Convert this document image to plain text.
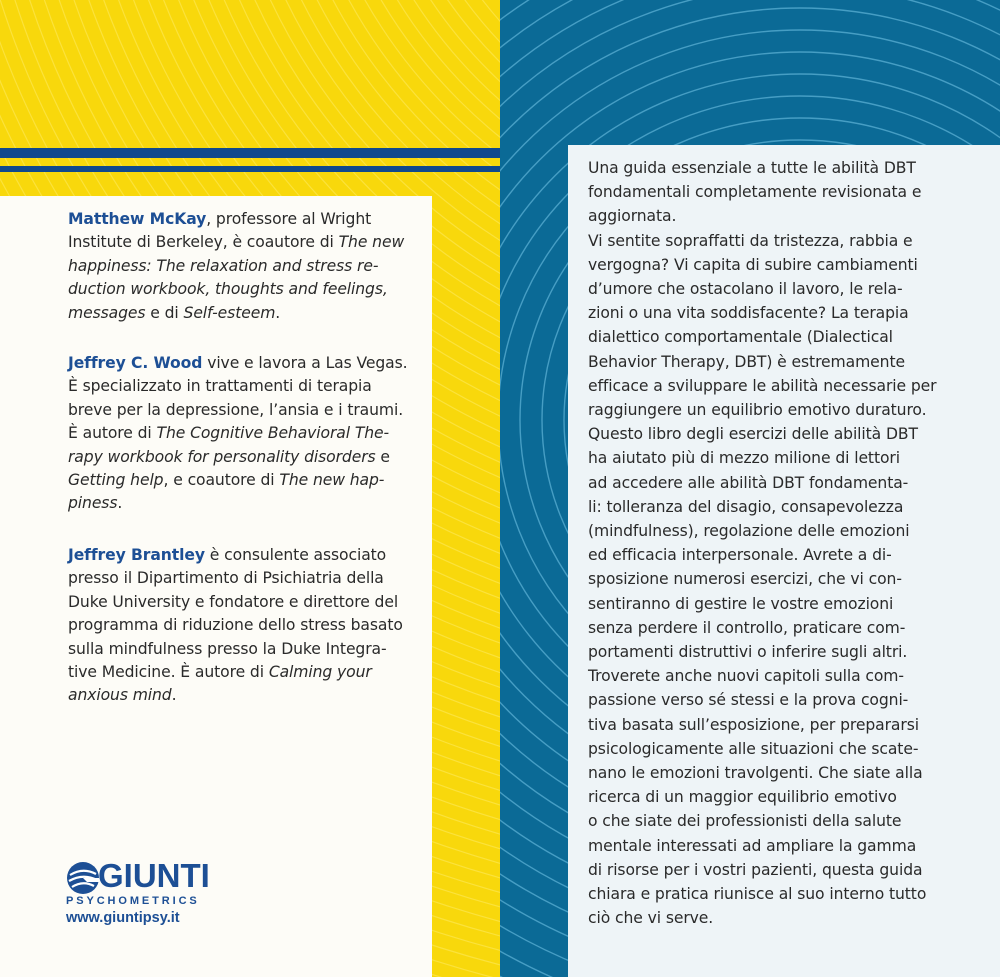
Matthew McKay, professore al Wright
Institute di Berkeley, è coautore di The new
happiness: The relaxation and stress re-
duction workbook, thoughts and feelings,
messages e di Self-esteem.
Jeffrey C. Wood vive e lavora a Las Vegas.
È specializzato in trattamenti di terapia
breve per la depressione, l’ansia e i traumi.
È autore di The Cognitive Behavioral The-
rapy workbook for personality disorders e
Getting help, e coautore di The new hap-
piness.
Jeffrey Brantley è consulente associato
presso il Dipartimento di Psichiatria della
Duke University e fondatore e direttore del
programma di riduzione dello stress basato
sulla mindfulness presso la Duke Integra-
tive Medicine. È autore di Calming your
anxious mind.
Una guida essenziale a tutte le abilità DBT
fondamentali completamente revisionata e
aggiornata.
Vi sentite sopraffatti da tristezza, rabbia e
vergogna? Vi capita di subire cambiamenti
d’umore che ostacolano il lavoro, le rela-
zioni o una vita soddisfacente? La terapia
dialettico comportamentale (Dialectical
Behavior Therapy, DBT) è estremamente
efficace a sviluppare le abilità necessarie per
raggiungere un equilibrio emotivo duraturo.
Questo libro degli esercizi delle abilità DBT
ha aiutato più di mezzo milione di lettori
ad accedere alle abilità DBT fondamenta-
li: tolleranza del disagio, consapevolezza
(mindfulness), regolazione delle emozioni
ed efficacia interpersonale. Avrete a di-
sposizione numerosi esercizi, che vi con-
sentiranno di gestire le vostre emozioni
senza perdere il controllo, praticare com-
portamenti distruttivi o inferire sugli altri.
Troverete anche nuovi capitoli sulla com-
passione verso sé stessi e la prova cogni-
tiva basata sull’esposizione, per prepararsi
psicologicamente alle situazioni che scate-
nano le emozioni travolgenti. Che siate alla
ricerca di un maggior equilibrio emotivo
o che siate dei professionisti della salute
mentale interessati ad ampliare la gamma
di risorse per i vostri pazienti, questa guida
chiara e pratica riunisce al suo interno tutto
ciò che vi serve.
GIUNTI
PSYCHOMETRICS
www.giuntipsy.it
